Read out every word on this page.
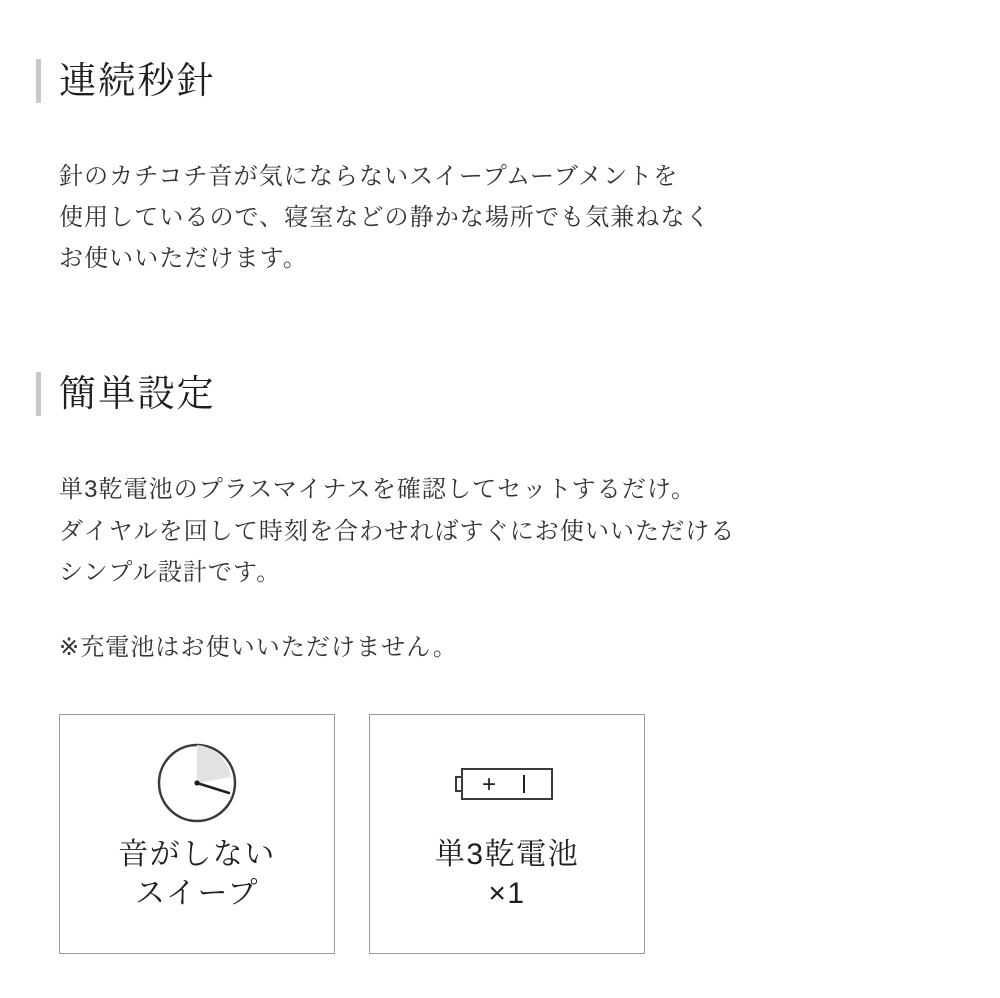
連続秒針

針のカチコチ音が気にならないスイープムーブメントを

使用しているので、寝室などの静かな場所でも気兼ねなく

お使いいただけます。

簡単設定

単3乾電池のプラスマイナスを確認してセットするだけ。

ダイヤルを回して時刻を合わせればすぐにお使いいただける

シンプル設計です。

※充電池はお使いいただけません。
音がしない
スイープ
+
単3乾電池
×1
